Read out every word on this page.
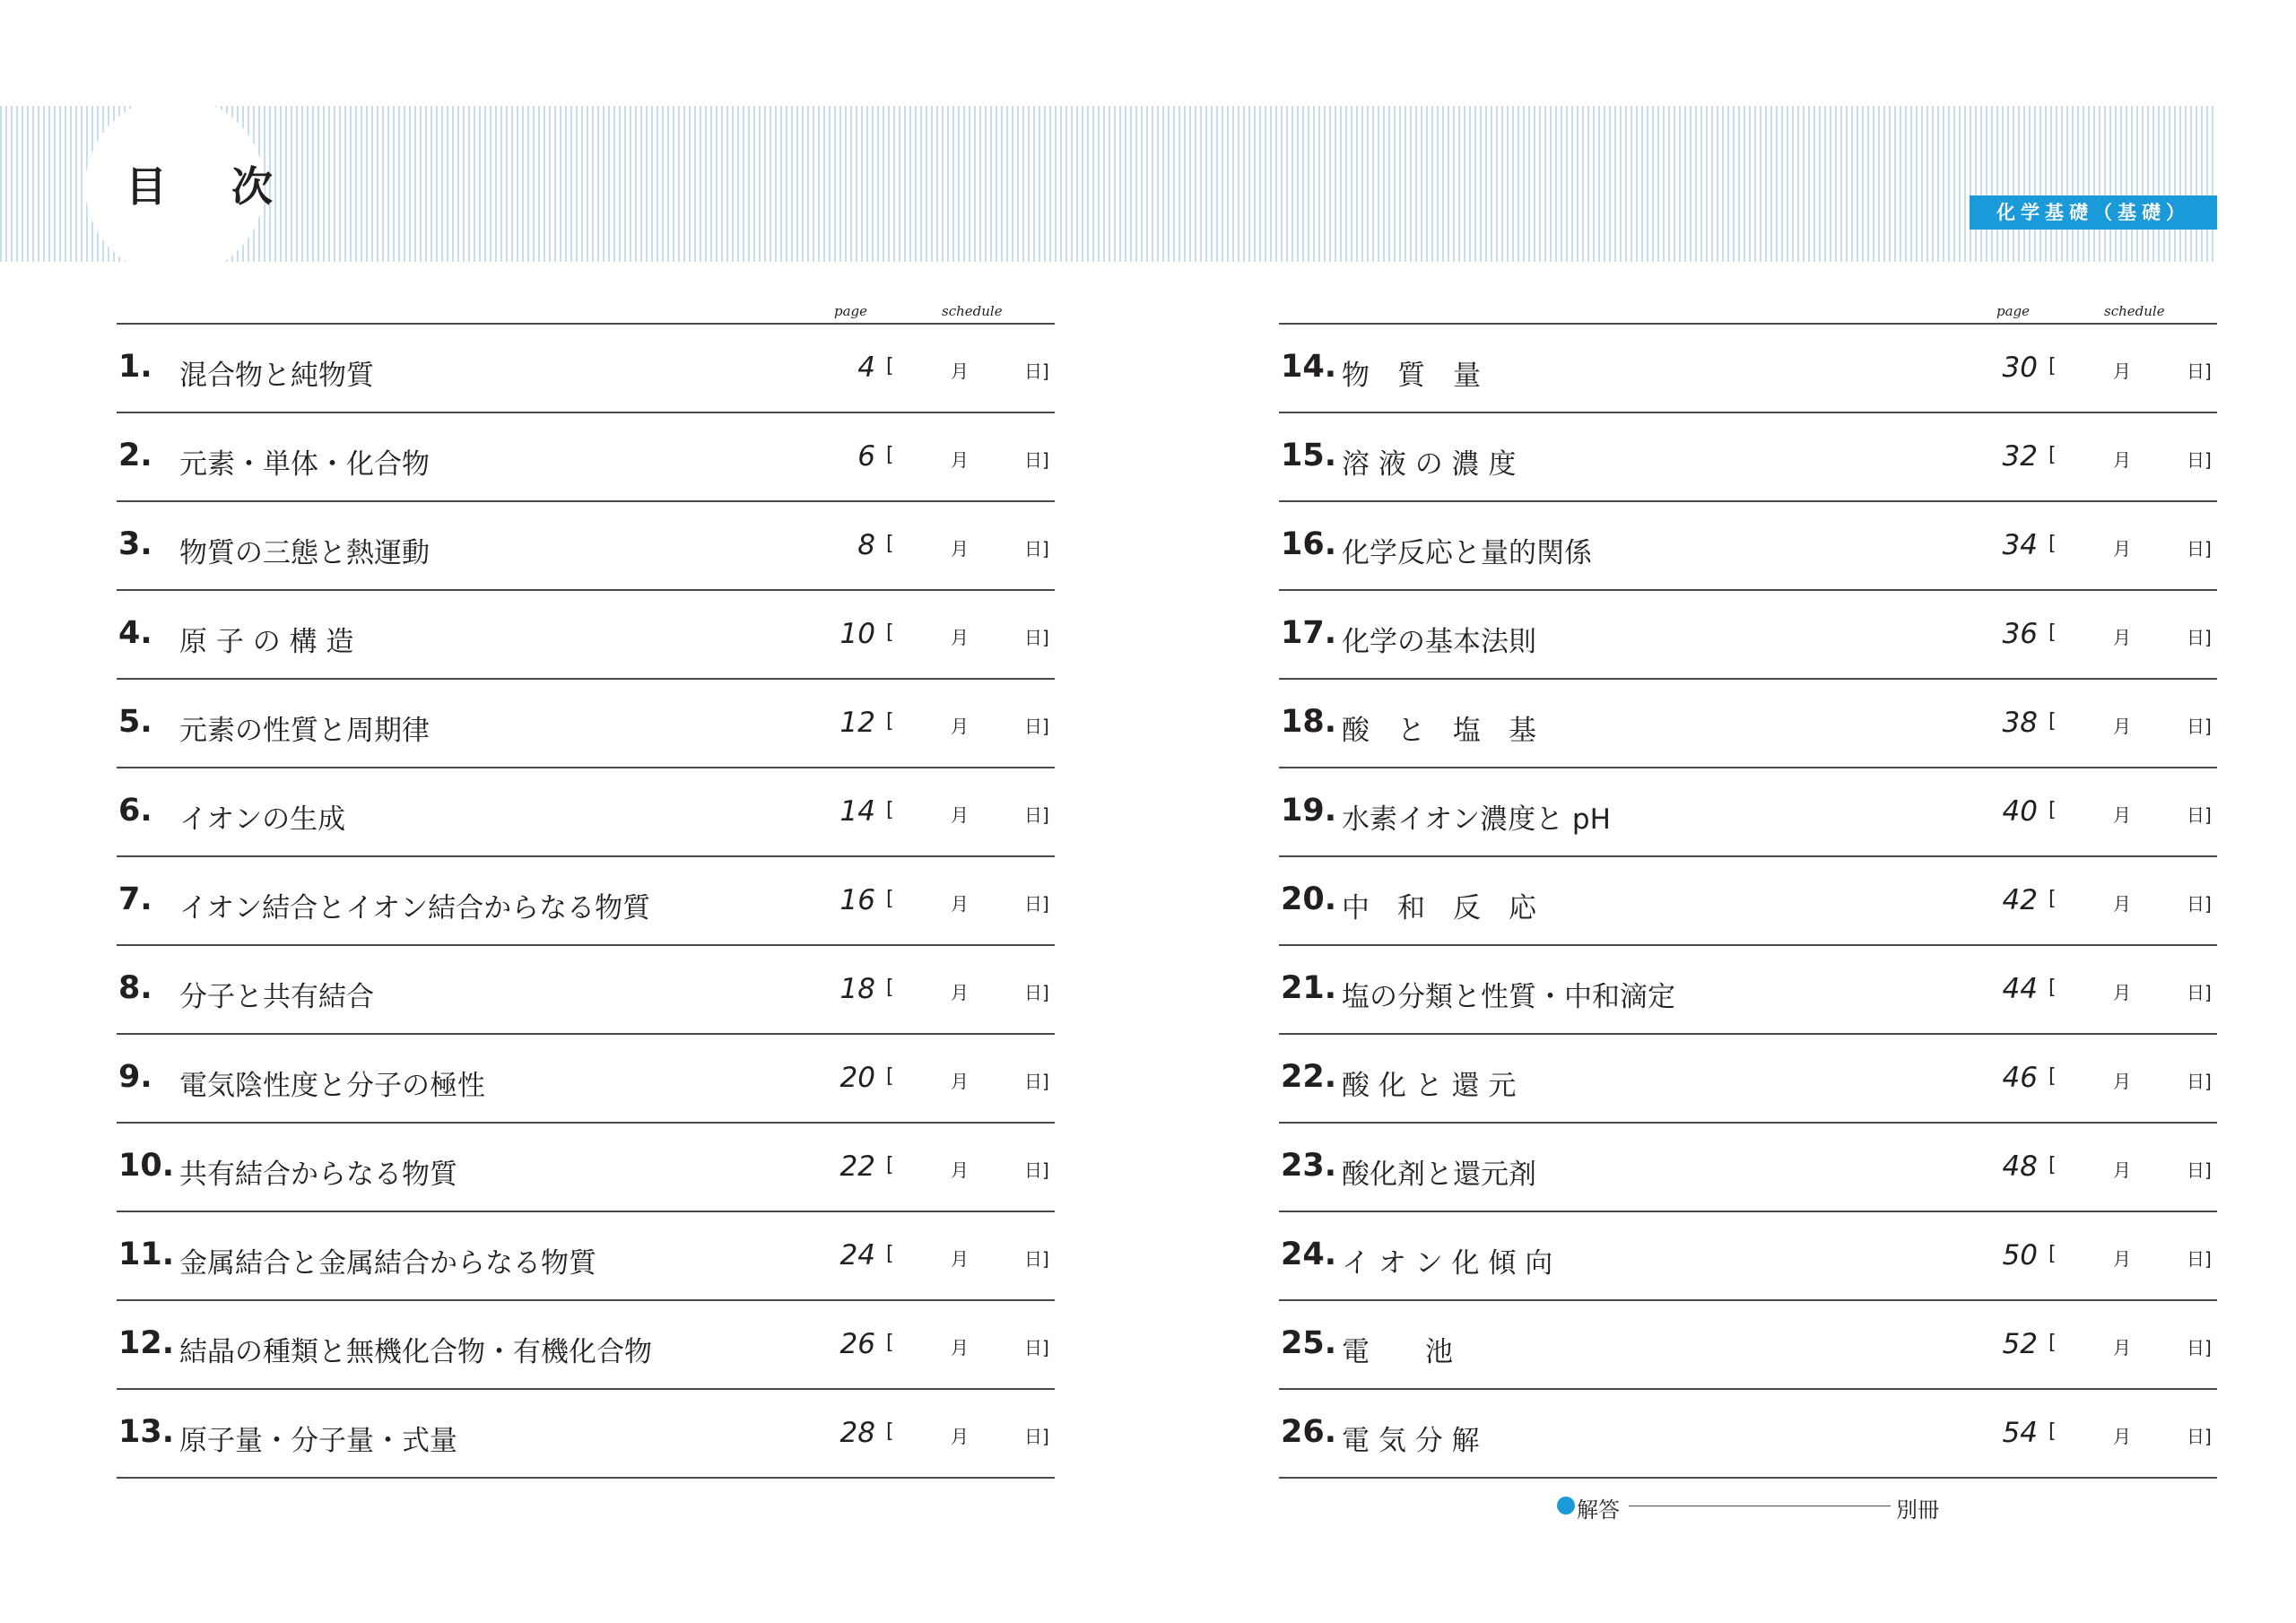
目 次
化学基礎（基礎）
page	schedule
1. 混合物と純物質	4 [	月	日]
2. 元素・単体・化合物	6 [	月	日]
3. 物質の三態と熱運動	8 [	月	日]
4. 原 子 の 構 造	10 [	月	日]
5. 元素の性質と周期律	12 [	月	日]
6. イオンの生成	14 [	月	日]
7. イオン結合とイオン結合からなる物質	16 [	月	日]
8. 分子と共有結合	18 [	月	日]
9. 電気陰性度と分子の極性	20 [	月	日]
10. 共有結合からなる物質	22 [	月	日]
11. 金属結合と金属結合からなる物質	24 [	月	日]
12. 結晶の種類と無機化合物・有機化合物	26 [	月	日]
13. 原子量・分子量・式量	28 [	月	日]
page	schedule
14. 物　質　量	30 [	月	日]
15. 溶 液 の 濃 度	32 [	月	日]
16. 化学反応と量的関係	34 [	月	日]
17. 化学の基本法則	36 [	月	日]
18. 酸　と　塩　基	38 [	月	日]
19. 水素イオン濃度と pH	40 [	月	日]
20. 中　和　反　応	42 [	月	日]
21. 塩の分類と性質・中和滴定	44 [	月	日]
22. 酸 化 と 還 元	46 [	月	日]
23. 酸化剤と還元剤	48 [	月	日]
24. イ オ ン 化 傾 向	50 [	月	日]
25. 電　　池	52 [	月	日]
26. 電 気 分 解	54 [	月	日]
解答	別冊
